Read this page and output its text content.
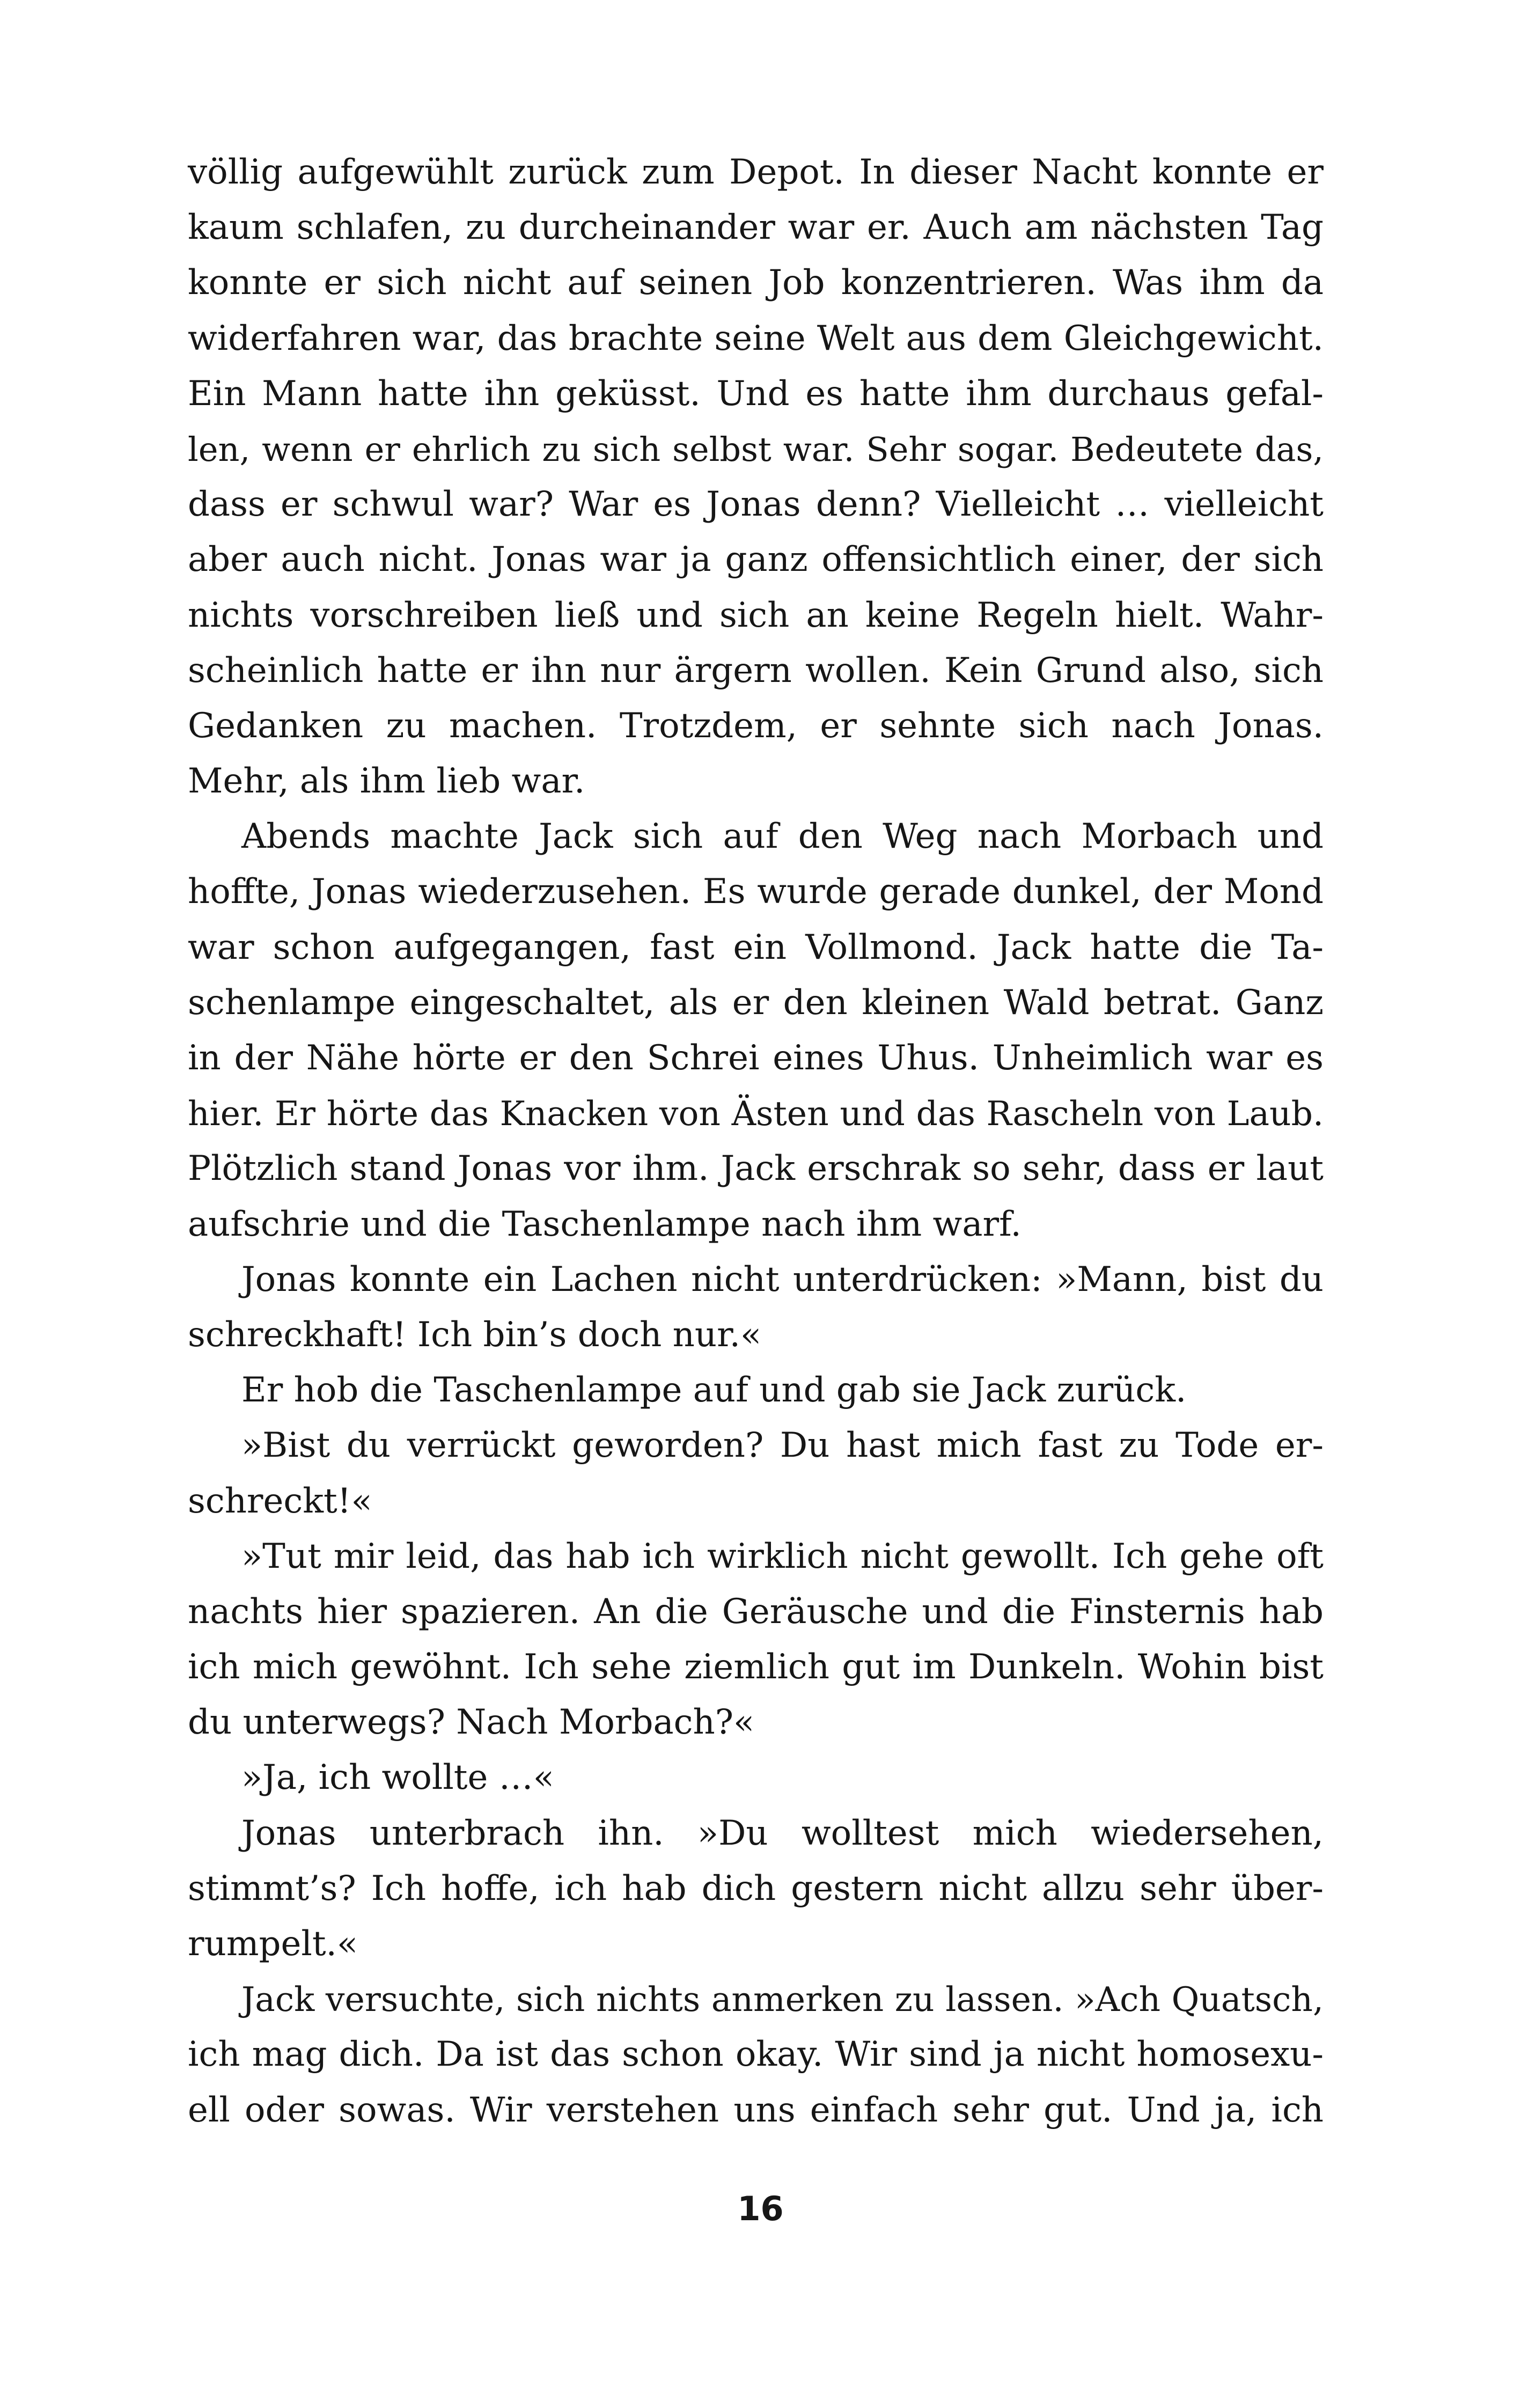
völlig aufgewühlt zurück zum Depot. In dieser Nacht konnte er
kaum schlafen, zu durcheinander war er. Auch am nächsten Tag
konnte er sich nicht auf seinen Job konzentrieren. Was ihm da
widerfahren war, das brachte seine Welt aus dem Gleichgewicht.
Ein Mann hatte ihn geküsst. Und es hatte ihm durchaus gefal-
len, wenn er ehrlich zu sich selbst war. Sehr sogar. Bedeutete das,
dass er schwul war? War es Jonas denn? Vielleicht … vielleicht
aber auch nicht. Jonas war ja ganz offensichtlich einer, der sich
nichts vorschreiben ließ und sich an keine Regeln hielt. Wahr-
scheinlich hatte er ihn nur ärgern wollen. Kein Grund also, sich
Gedanken zu machen. Trotzdem, er sehnte sich nach Jonas.
Mehr, als ihm lieb war.
Abends machte Jack sich auf den Weg nach Morbach und
hoffte, Jonas wiederzusehen. Es wurde gerade dunkel, der Mond
war schon aufgegangen, fast ein Vollmond. Jack hatte die Ta-
schenlampe eingeschaltet, als er den kleinen Wald betrat. Ganz
in der Nähe hörte er den Schrei eines Uhus. Unheimlich war es
hier. Er hörte das Knacken von Ästen und das Rascheln von Laub.
Plötzlich stand Jonas vor ihm. Jack erschrak so sehr, dass er laut
aufschrie und die Taschenlampe nach ihm warf.
Jonas konnte ein Lachen nicht unterdrücken: »Mann, bist du
schreckhaft! Ich bin’s doch nur.«
Er hob die Taschenlampe auf und gab sie Jack zurück.
»Bist du verrückt geworden? Du hast mich fast zu Tode er-
schreckt!«
»Tut mir leid, das hab ich wirklich nicht gewollt. Ich gehe oft
nachts hier spazieren. An die Geräusche und die Finsternis hab
ich mich gewöhnt. Ich sehe ziemlich gut im Dunkeln. Wohin bist
du unterwegs? Nach Morbach?«
»Ja, ich wollte …«
Jonas unterbrach ihn. »Du wolltest mich wiedersehen,
stimmt’s? Ich hoffe, ich hab dich gestern nicht allzu sehr über-
rumpelt.«
Jack versuchte, sich nichts anmerken zu lassen. »Ach Quatsch,
ich mag dich. Da ist das schon okay. Wir sind ja nicht homosexu-
ell oder sowas. Wir verstehen uns einfach sehr gut. Und ja, ich
16
